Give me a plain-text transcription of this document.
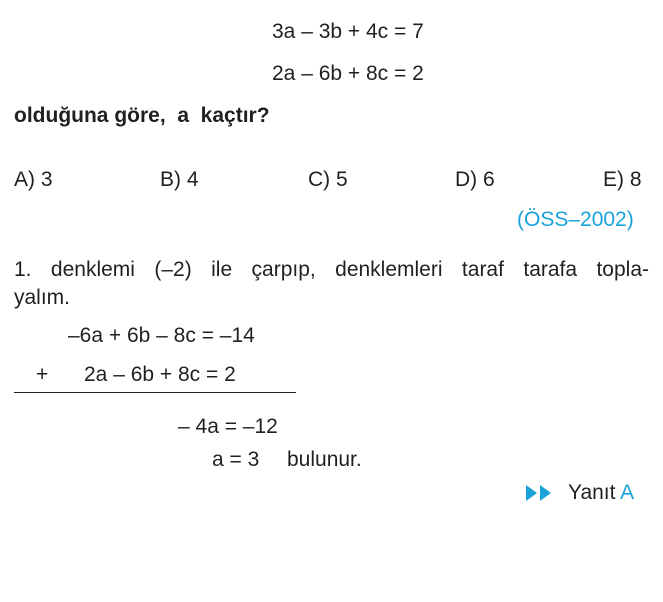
3a – 3b + 4c = 7
2a – 6b + 8c = 2
olduğuna göre,  a  kaçtır?
A) 3	B) 4	C) 5	D) 6	E) 8
(ÖSS–2002)
1. denklemi (–2) ile çarpıp, denklemleri taraf tarafa topla-
yalım.
–6a + 6b – 8c = –14
+ 2a – 6b + 8c = 2
– 4a = –12
a = 3 bulunur.
Yanıt A
